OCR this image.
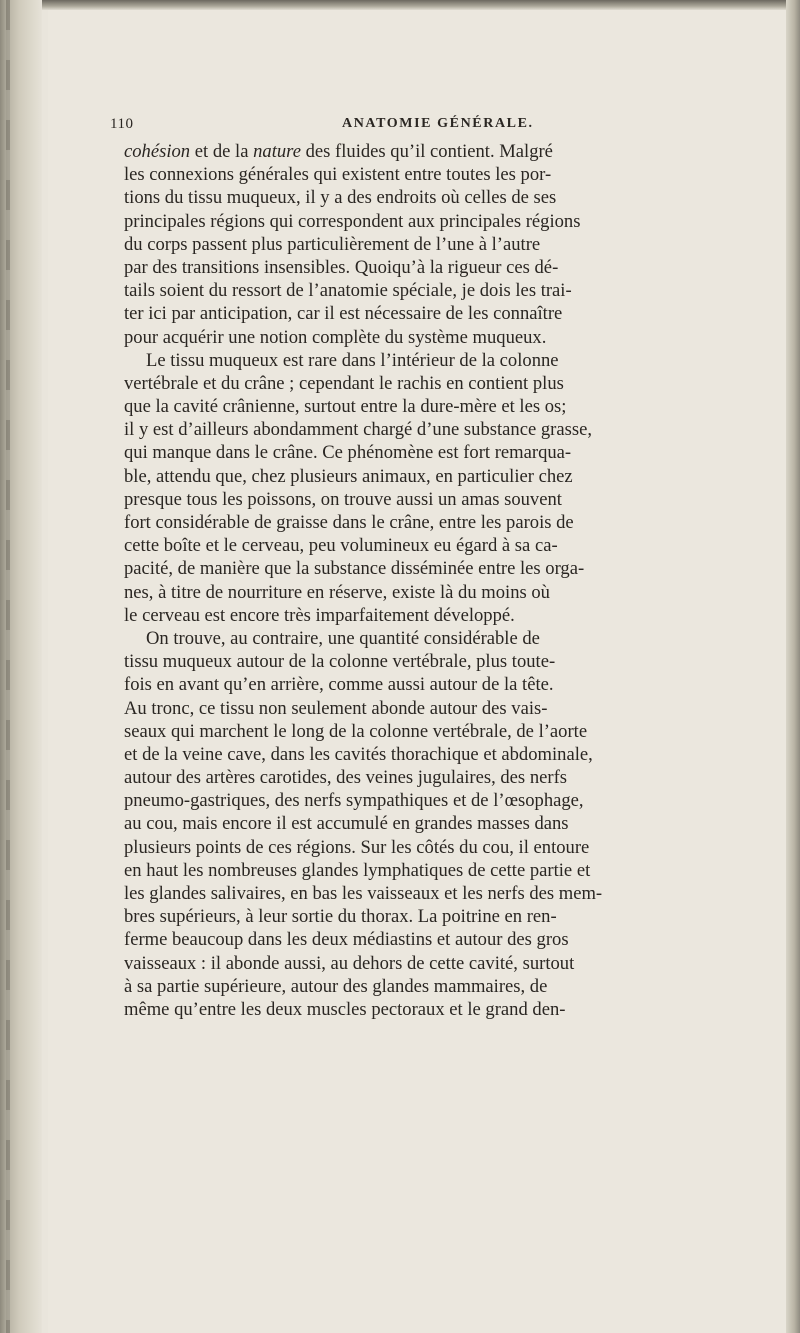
110	ANATOMIE GÉNÉRALE.
cohésion et de la nature des fluides qu’il contient. Malgré
les connexions générales qui existent entre toutes les por-
tions du tissu muqueux, il y a des endroits où celles de ses
principales régions qui correspondent aux principales régions
du corps passent plus particulièrement de l’une à l’autre
par des transitions insensibles. Quoiqu’à la rigueur ces dé-
tails soient du ressort de l’anatomie spéciale, je dois les trai-
ter ici par anticipation, car il est nécessaire de les connaître
pour acquérir une notion complète du système muqueux.
Le tissu muqueux est rare dans l’intérieur de la colonne
vertébrale et du crâne ; cependant le rachis en contient plus
que la cavité crânienne, surtout entre la dure-mère et les os;
il y est d’ailleurs abondamment chargé d’une substance grasse,
qui manque dans le crâne. Ce phénomène est fort remarqua-
ble, attendu que, chez plusieurs animaux, en particulier chez
presque tous les poissons, on trouve aussi un amas souvent
fort considérable de graisse dans le crâne, entre les parois de
cette boîte et le cerveau, peu volumineux eu égard à sa ca-
pacité, de manière que la substance disséminée entre les orga-
nes, à titre de nourriture en réserve, existe là du moins où
le cerveau est encore très imparfaitement développé.
On trouve, au contraire, une quantité considérable de
tissu muqueux autour de la colonne vertébrale, plus toute-
fois en avant qu’en arrière, comme aussi autour de la tête.
Au tronc, ce tissu non seulement abonde autour des vais-
seaux qui marchent le long de la colonne vertébrale, de l’aorte
et de la veine cave, dans les cavités thorachique et abdominale,
autour des artères carotides, des veines jugulaires, des nerfs
pneumo-gastriques, des nerfs sympathiques et de l’œsophage,
au cou, mais encore il est accumulé en grandes masses dans
plusieurs points de ces régions. Sur les côtés du cou, il entoure
en haut les nombreuses glandes lymphatiques de cette partie et
les glandes salivaires, en bas les vaisseaux et les nerfs des mem-
bres supérieurs, à leur sortie du thorax. La poitrine en ren-
ferme beaucoup dans les deux médiastins et autour des gros
vaisseaux : il abonde aussi, au dehors de cette cavité, surtout
à sa partie supérieure, autour des glandes mammaires, de
même qu’entre les deux muscles pectoraux et le grand den-
